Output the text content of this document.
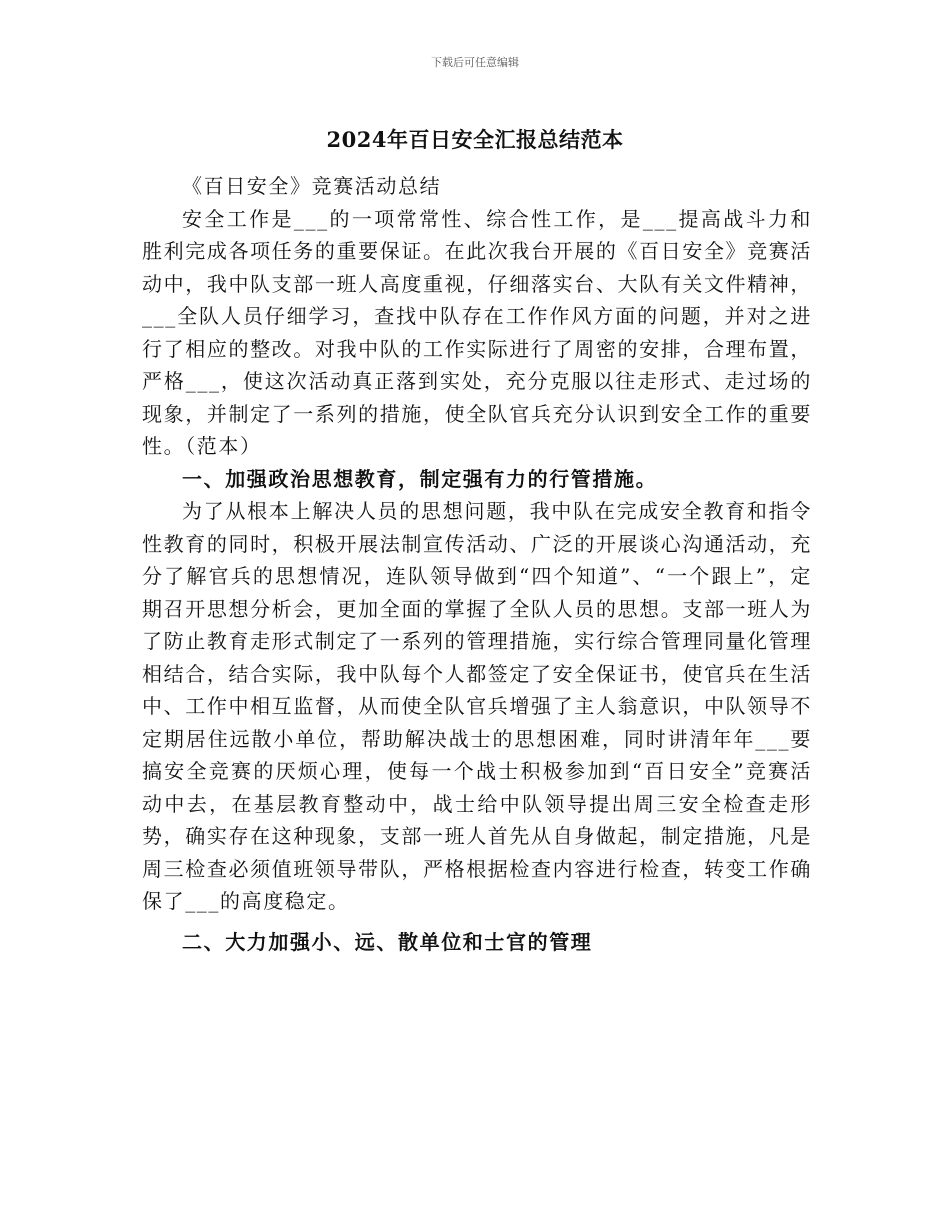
下载后可任意编辑
2024年百日安全汇报总结范本

《百日安全》竞赛活动总结

安全工作是___的一项常常性、综合性工作，是___提高战斗力和胜利完成各项任务的重要保证。在此次我台开展的《百日安全》竞赛活动中，我中队支部一班人高度重视，仔细落实台、大队有关文件精神，___全队人员仔细学习，查找中队存在工作作风方面的问题，并对之进行了相应的整改。对我中队的工作实际进行了周密的安排，合理布置，严格___，使这次活动真正落到实处，充分克服以往走形式、走过场的现象，并制定了一系列的措施，使全队官兵充分认识到安全工作的重要性。（范本）

一、加强政治思想教育，制定强有力的行管措施。

为了从根本上解决人员的思想问题，我中队在完成安全教育和指令性教育的同时，积极开展法制宣传活动、广泛的开展谈心沟通活动，充分了解官兵的思想情况，连队领导做到“四个知道”、“一个跟上”，定期召开思想分析会，更加全面的掌握了全队人员的思想。支部一班人为了防止教育走形式制定了一系列的管理措施，实行综合管理同量化管理相结合，结合实际，我中队每个人都签定了安全保证书，使官兵在生活中、工作中相互监督，从而使全队官兵增强了主人翁意识，中队领导不定期居住远散小单位，帮助解决战士的思想困难，同时讲清年年___要搞安全竞赛的厌烦心理，使每一个战士积极参加到“百日安全”竞赛活动中去，在基层教育整动中，战士给中队领导提出周三安全检查走形势，确实存在这种现象，支部一班人首先从自身做起，制定措施，凡是周三检查必须值班领导带队，严格根据检查内容进行检查，转变工作确保了___的高度稳定。

二、大力加强小、远、散单位和士官的管理
